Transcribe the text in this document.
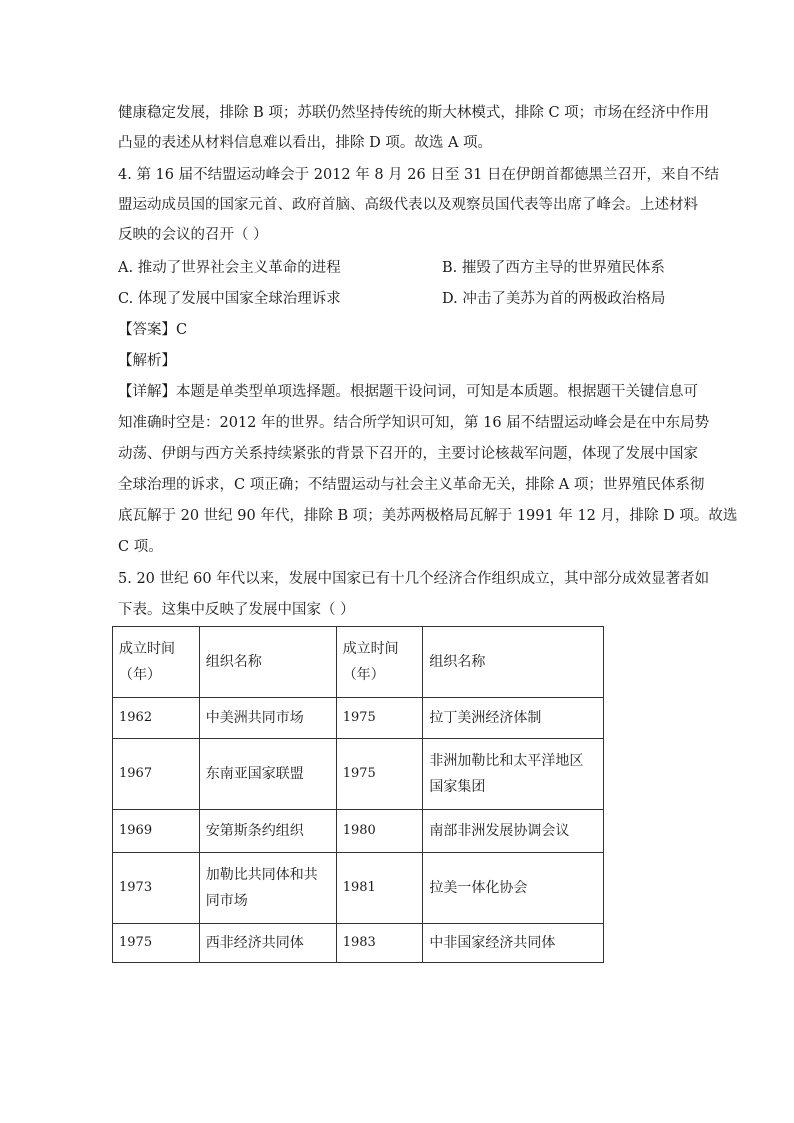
健康稳定发展，排除 B 项；苏联仍然坚持传统的斯大林模式，排除 C 项；市场在经济中作用
凸显的表述从材料信息难以看出，排除 D 项。故选 A 项。
4. 第 16 届不结盟运动峰会于 2012 年 8 月 26 日至 31 日在伊朗首都德黑兰召开，来自不结
盟运动成员国的国家元首、政府首脑、高级代表以及观察员国代表等出席了峰会。上述材料
反映的会议的召开（ ）
A. 推动了世界社会主义革命的进程	B. 摧毁了西方主导的世界殖民体系
C. 体现了发展中国家全球治理诉求	D. 冲击了美苏为首的两极政治格局
【答案】C
【解析】
【详解】本题是单类型单项选择题。根据题干设问词，可知是本质题。根据题干关键信息可
知准确时空是：2012 年的世界。结合所学知识可知，第 16 届不结盟运动峰会是在中东局势
动荡、伊朗与西方关系持续紧张的背景下召开的，主要讨论核裁军问题，体现了发展中国家
全球治理的诉求，C 项正确；不结盟运动与社会主义革命无关，排除 A 项；世界殖民体系彻
底瓦解于 20 世纪 90 年代，排除 B 项；美苏两极格局瓦解于 1991 年 12 月，排除 D 项。故选
C 项。
5. 20 世纪 60 年代以来，发展中国家已有十几个经济合作组织成立，其中部分成效显著者如
下表。这集中反映了发展中国家（ ）
成立时间（年）	组织名称	成立时间（年）	组织名称
1962	中美洲共同市场	1975	拉丁美洲经济体制
1967	东南亚国家联盟	1975	非洲加勒比和太平洋地区国家集团
1969	安第斯条约组织	1980	南部非洲发展协调会议
1973	加勒比共同体和共同市场	1981	拉美一体化协会
1975	西非经济共同体	1983	中非国家经济共同体
